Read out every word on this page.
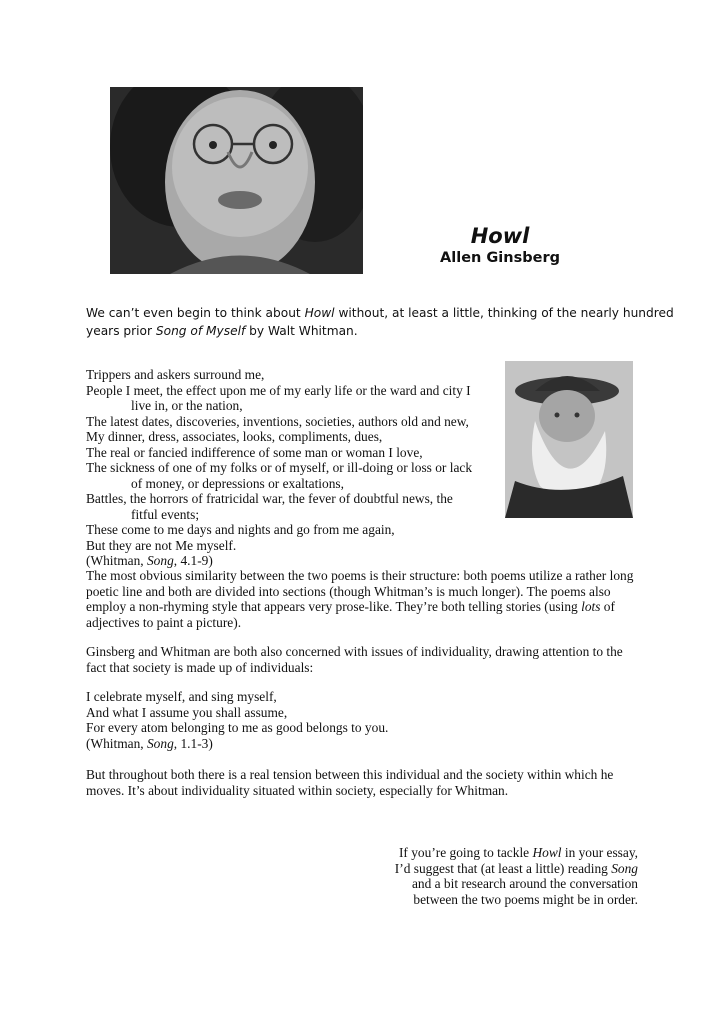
Howl
Allen Ginsberg
We can’t even begin to think about Howl without, at least a little, thinking of the nearly hundred
years prior Song of Myself by Walt Whitman.
Trippers and askers surround me,
People I meet, the effect upon me of my early life or the ward and city I
live in, or the nation,
The latest dates, discoveries, inventions, societies, authors old and new,
My dinner, dress, associates, looks, compliments, dues,
The real or fancied indifference of some man or woman I love,
The sickness of one of my folks or of myself, or ill-doing or loss or lack
of money, or depressions or exaltations,
Battles, the horrors of fratricidal war, the fever of doubtful news, the
fitful events;
These come to me days and nights and go from me again,
But they are not Me myself.
(Whitman, Song, 4.1-9)
The most obvious similarity between the two poems is their structure: both poems utilize a rather long
poetic line and both are divided into sections (though Whitman’s is much longer). The poems also
employ a non-rhyming style that appears very prose-like. They’re both telling stories (using lots of
adjectives to paint a picture).
Ginsberg and Whitman are both also concerned with issues of individuality, drawing attention to the
fact that society is made up of individuals:
I celebrate myself, and sing myself,
And what I assume you shall assume,
For every atom belonging to me as good belongs to you.
(Whitman, Song, 1.1-3)
But throughout both there is a real tension between this individual and the society within which he
moves. It’s about individuality situated within society, especially for Whitman.
If you’re going to tackle Howl in your essay,
I’d suggest that (at least a little) reading Song
and a bit research around the conversation
between the two poems might be in order.
